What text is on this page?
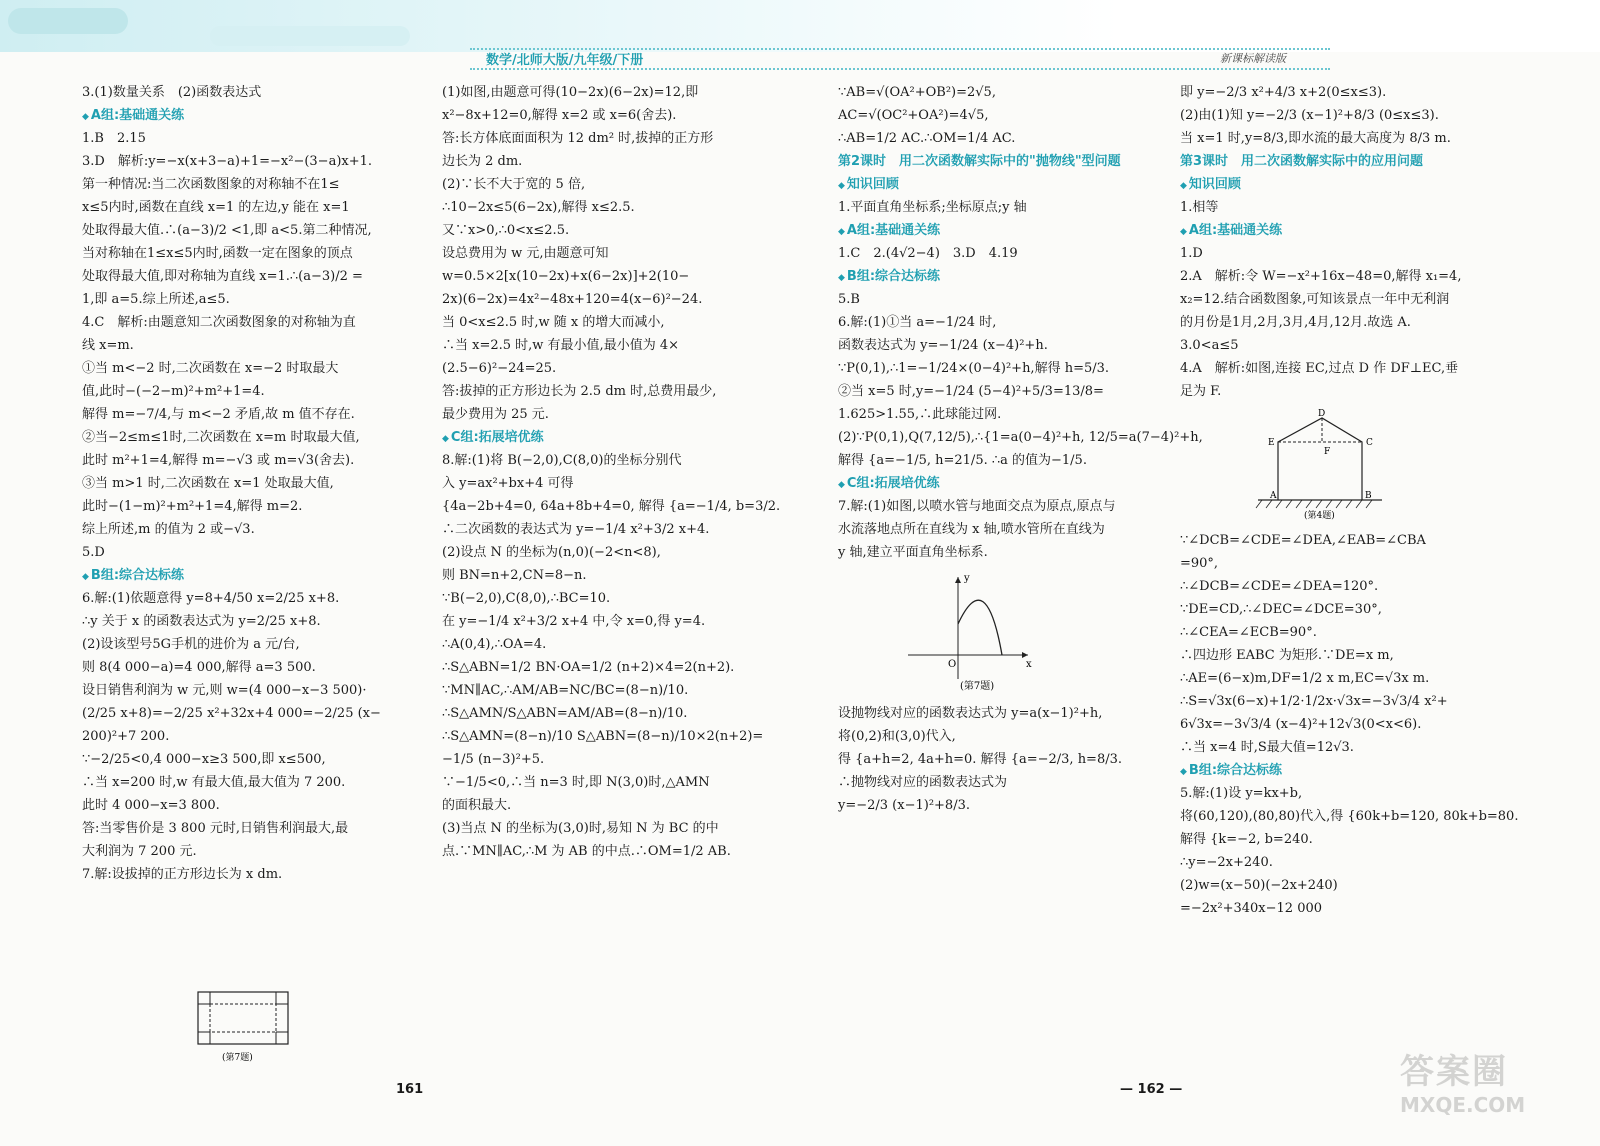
数学/北师大版/九年级/下册	新课标解读版
3.(1)数量关系　(2)函数表达式
◆ A组:基础通关练
1.B　2.15
3.D　解析:y=−x(x+3−a)+1=−x²−(3−a)x+1.
第一种情况:当二次函数图象的对称轴不在1≤
x≤5内时,函数在直线 x=1 的左边,y 能在 x=1
处取得最大值.∴(a−3)/2 <1,即 a<5.第二种情况,
当对称轴在1≤x≤5内时,函数一定在图象的顶点
处取得最大值,即对称轴为直线 x=1.∴(a−3)/2 =
1,即 a=5.综上所述,a≤5.
4.C　解析:由题意知二次函数图象的对称轴为直
线 x=m.
①当 m<−2 时,二次函数在 x=−2 时取最大
值,此时−(−2−m)²+m²+1=4.
解得 m=−7/4,与 m<−2 矛盾,故 m 值不存在.
②当−2≤m≤1时,二次函数在 x=m 时取最大值,
此时 m²+1=4,解得 m=−√3 或 m=√3(舍去).
③当 m>1 时,二次函数在 x=1 处取最大值,
此时−(1−m)²+m²+1=4,解得 m=2.
综上所述,m 的值为 2 或−√3.
5.D
◆ B组:综合达标练
6.解:(1)依题意得 y=8+4/50 x=2/25 x+8.
∴y 关于 x 的函数表达式为 y=2/25 x+8.
(2)设该型号5G手机的进价为 a 元/台,
则 8(4 000−a)=4 000,解得 a=3 500.
设日销售利润为 w 元,则 w=(4 000−x−3 500)·
(2/25 x+8)=−2/25 x²+32x+4 000=−2/25 (x−
200)²+7 200.
∵−2/25<0,4 000−x≥3 500,即 x≤500,
∴当 x=200 时,w 有最大值,最大值为 7 200.
此时 4 000−x=3 800.
答:当零售价是 3 800 元时,日销售利润最大,最
大利润为 7 200 元.
7.解:设拔掉的正方形边长为 x dm.
(1)如图,由题意可得(10−2x)(6−2x)=12,即
x²−8x+12=0,解得 x=2 或 x=6(舍去).
答:长方体底面面积为 12 dm² 时,拔掉的正方形
边长为 2 dm.
(2)∵长不大于宽的 5 倍,
∴10−2x≤5(6−2x),解得 x≤2.5.
又∵x>0,∴0<x≤2.5.
设总费用为 w 元,由题意可知
w=0.5×2[x(10−2x)+x(6−2x)]+2(10−
2x)(6−2x)=4x²−48x+120=4(x−6)²−24.
当 0<x≤2.5 时,w 随 x 的增大而减小,
∴当 x=2.5 时,w 有最小值,最小值为 4×
(2.5−6)²−24=25.
答:拔掉的正方形边长为 2.5 dm 时,总费用最少,
最少费用为 25 元.
◆ C组:拓展培优练
8.解:(1)将 B(−2,0),C(8,0)的坐标分别代
入 y=ax²+bx+4 可得
{4a−2b+4=0, 64a+8b+4=0, 解得 {a=−1/4, b=3/2.
∴二次函数的表达式为 y=−1/4 x²+3/2 x+4.
(2)设点 N 的坐标为(n,0)(−2<n<8),
则 BN=n+2,CN=8−n.
∵B(−2,0),C(8,0),∴BC=10.
在 y=−1/4 x²+3/2 x+4 中,令 x=0,得 y=4.
∴A(0,4),∴OA=4.
∴S△ABN=1/2 BN·OA=1/2 (n+2)×4=2(n+2).
∵MN∥AC,∴AM/AB=NC/BC=(8−n)/10.
∴S△AMN/S△ABN=AM/AB=(8−n)/10.
∴S△AMN=(8−n)/10 S△ABN=(8−n)/10×2(n+2)=
−1/5 (n−3)²+5.
∵−1/5<0,∴当 n=3 时,即 N(3,0)时,△AMN
的面积最大.
(3)当点 N 的坐标为(3,0)时,易知 N 为 BC 的中
点.∵MN∥AC,∴M 为 AB 的中点.∴OM=1/2 AB.
∵AB=√(OA²+OB²)=2√5,
AC=√(OC²+OA²)=4√5,
∴AB=1/2 AC.∴OM=1/4 AC.
第2课时　用二次函数解实际中的"抛物线"型问题
◆ 知识回顾
1.平面直角坐标系;坐标原点;y 轴
◆ A组:基础通关练
1.C　2.(4√2−4)　3.D　4.19
◆ B组:综合达标练
5.B
6.解:(1)①当 a=−1/24 时,
函数表达式为 y=−1/24 (x−4)²+h.
∵P(0,1),∴1=−1/24×(0−4)²+h,解得 h=5/3.
②当 x=5 时,y=−1/24 (5−4)²+5/3=13/8=
1.625>1.55,∴此球能过网.
(2)∵P(0,1),Q(7,12/5),∴{1=a(0−4)²+h, 12/5=a(7−4)²+h,
解得 {a=−1/5, h=21/5. ∴a 的值为−1/5.
◆ C组:拓展培优练
7.解:(1)如图,以喷水管与地面交点为原点,原点与
水流落地点所在直线为 x 轴,喷水管所在直线为
y 轴,建立平面直角坐标系.
y
x
O
(第7题)
设抛物线对应的函数表达式为 y=a(x−1)²+h,
将(0,2)和(3,0)代入,
得 {a+h=2, 4a+h=0. 解得 {a=−2/3, h=8/3.
∴抛物线对应的函数表达式为
y=−2/3 (x−1)²+8/3.
即 y=−2/3 x²+4/3 x+2(0≤x≤3).
(2)由(1)知 y=−2/3 (x−1)²+8/3 (0≤x≤3).
当 x=1 时,y=8/3,即水流的最大高度为 8/3 m.
第3课时　用二次函数解实际中的应用问题
◆ 知识回顾
1.相等
◆ A组:基础通关练
1.D
2.A　解析:令 W=−x²+16x−48=0,解得 x₁=4,
x₂=12.结合函数图象,可知该景点一年中无利润
的月份是1月,2月,3月,4月,12月.故选 A.
3.0<a≤5
4.A　解析:如图,连接 EC,过点 D 作 DF⊥EC,垂
足为 F.
D
E	C
F
A	B
(第4题)
∵∠DCB=∠CDE=∠DEA,∠EAB=∠CBA
=90°,
∴∠DCB=∠CDE=∠DEA=120°.
∵DE=CD,∴∠DEC=∠DCE=30°,
∴∠CEA=∠ECB=90°.
∴四边形 EABC 为矩形.∵DE=x m,
∴AE=(6−x)m,DF=1/2 x m,EC=√3x m.
∴S=√3x(6−x)+1/2·1/2x·√3x=−3√3/4 x²+
6√3x=−3√3/4 (x−4)²+12√3(0<x<6).
∴当 x=4 时,S最大值=12√3.
◆ B组:综合达标练
5.解:(1)设 y=kx+b,
将(60,120),(80,80)代入,得 {60k+b=120, 80k+b=80.
解得 {k=−2, b=240.
∴y=−2x+240.
(2)w=(x−50)(−2x+240)
=−2x²+340x−12 000
(第7题)
161	— 162 —	答案圈
MXQE.COM
